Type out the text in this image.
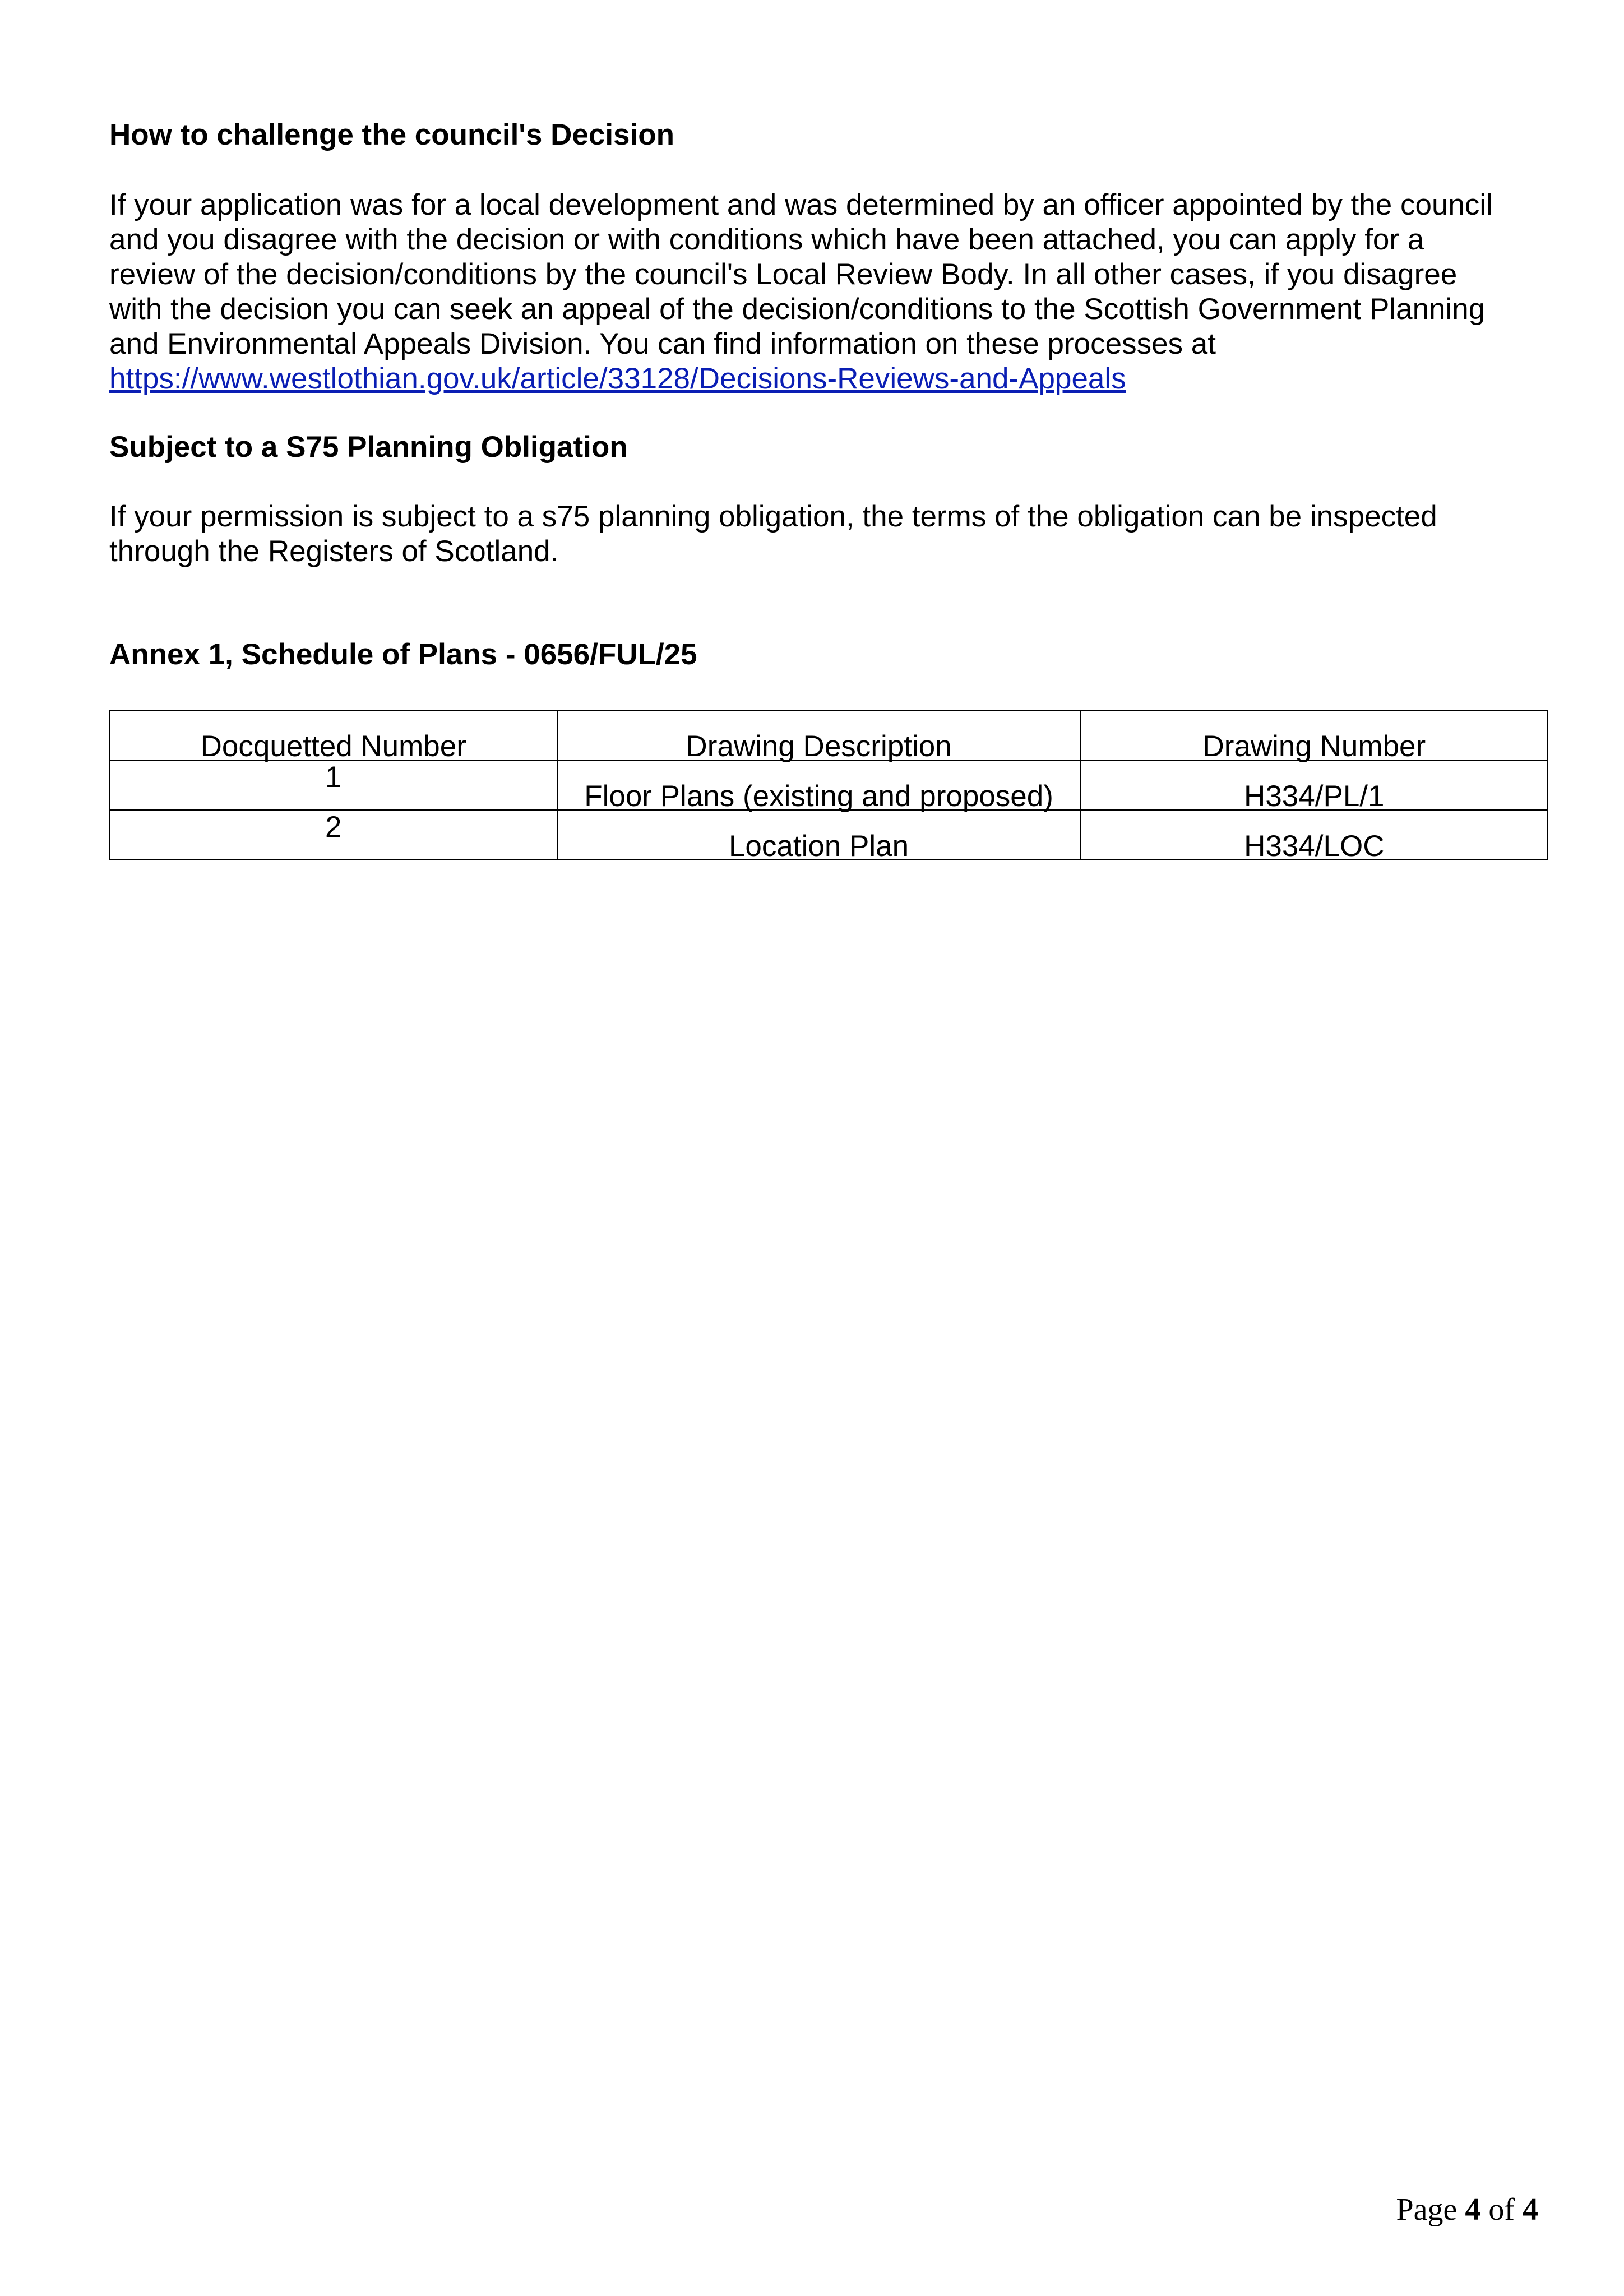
How to challenge the council's Decision

If your application was for a local development and was determined by an officer appointed by the council
and you disagree with the decision or with conditions which have been attached, you can apply for a
review of the decision/conditions by the council's Local Review Body. In all other cases, if you disagree
with the decision you can seek an appeal of the decision/conditions to the Scottish Government Planning
and Environmental Appeals Division. You can find information on these processes at
https://www.westlothian.gov.uk/article/33128/Decisions-Reviews-and-Appeals

Subject to a S75 Planning Obligation

If your permission is subject to a s75 planning obligation, the terms of the obligation can be inspected
through the Registers of Scotland.

Annex 1, Schedule of Plans - 0656/FUL/25

Docquetted Number	Drawing Description	Drawing Number

1	Floor Plans (existing and proposed)	H334/PL/1

2	Location Plan	H334/LOC
Page 4 of 4
